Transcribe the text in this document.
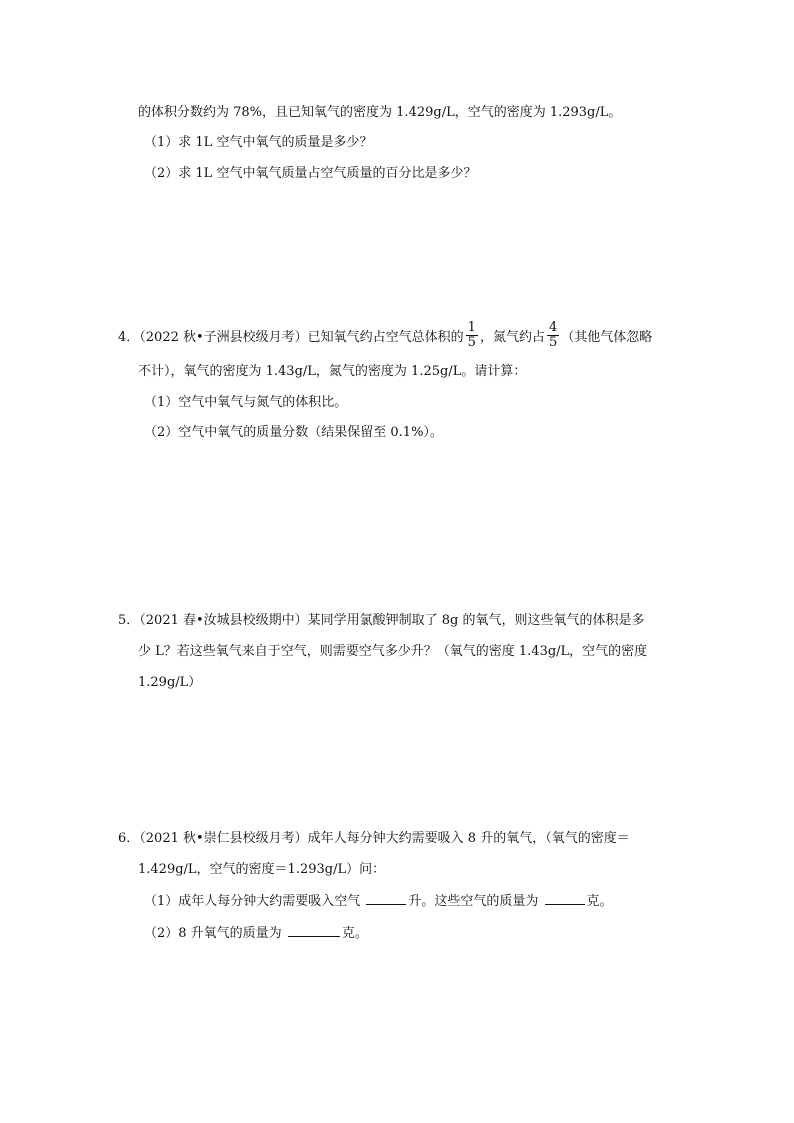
的体积分数约为 78%，且已知氧气的密度为 1.429g/L，空气的密度为 1.293g/L。
（1）求 1L 空气中氧气的质量是多少？
（2）求 1L 空气中氧气质量占空气质量的百分比是多少？
4．（2022 秋•子洲县校级月考）已知氧气约占空气总体积的 $\frac{1}{5}$ ，氮气约占 $\frac{4}{5}$ （其他气体忽略
不计），氧气的密度为 1.43g/L，氮气的密度为 1.25g/L。请计算：
（1）空气中氧气与氮气的体积比。
（2）空气中氧气的质量分数（结果保留至 0.1%）。
5．（2021 春•汝城县校级期中）某同学用氯酸钾制取了 8g 的氧气，则这些氧气的体积是多
少 L？若这些氧气来自于空气，则需要空气多少升？（氧气的密度 1.43g/L，空气的密度
1.29g/L）
6．（2021 秋•崇仁县校级月考）成年人每分钟大约需要吸入 8 升的氧气，（氧气的密度＝
1.429g/L，空气的密度＝1.293g/L）问：
（1）成年人每分钟大约需要吸入空气	升。这些空气的质量为	克。
（2）8 升氧气的质量为	克。
